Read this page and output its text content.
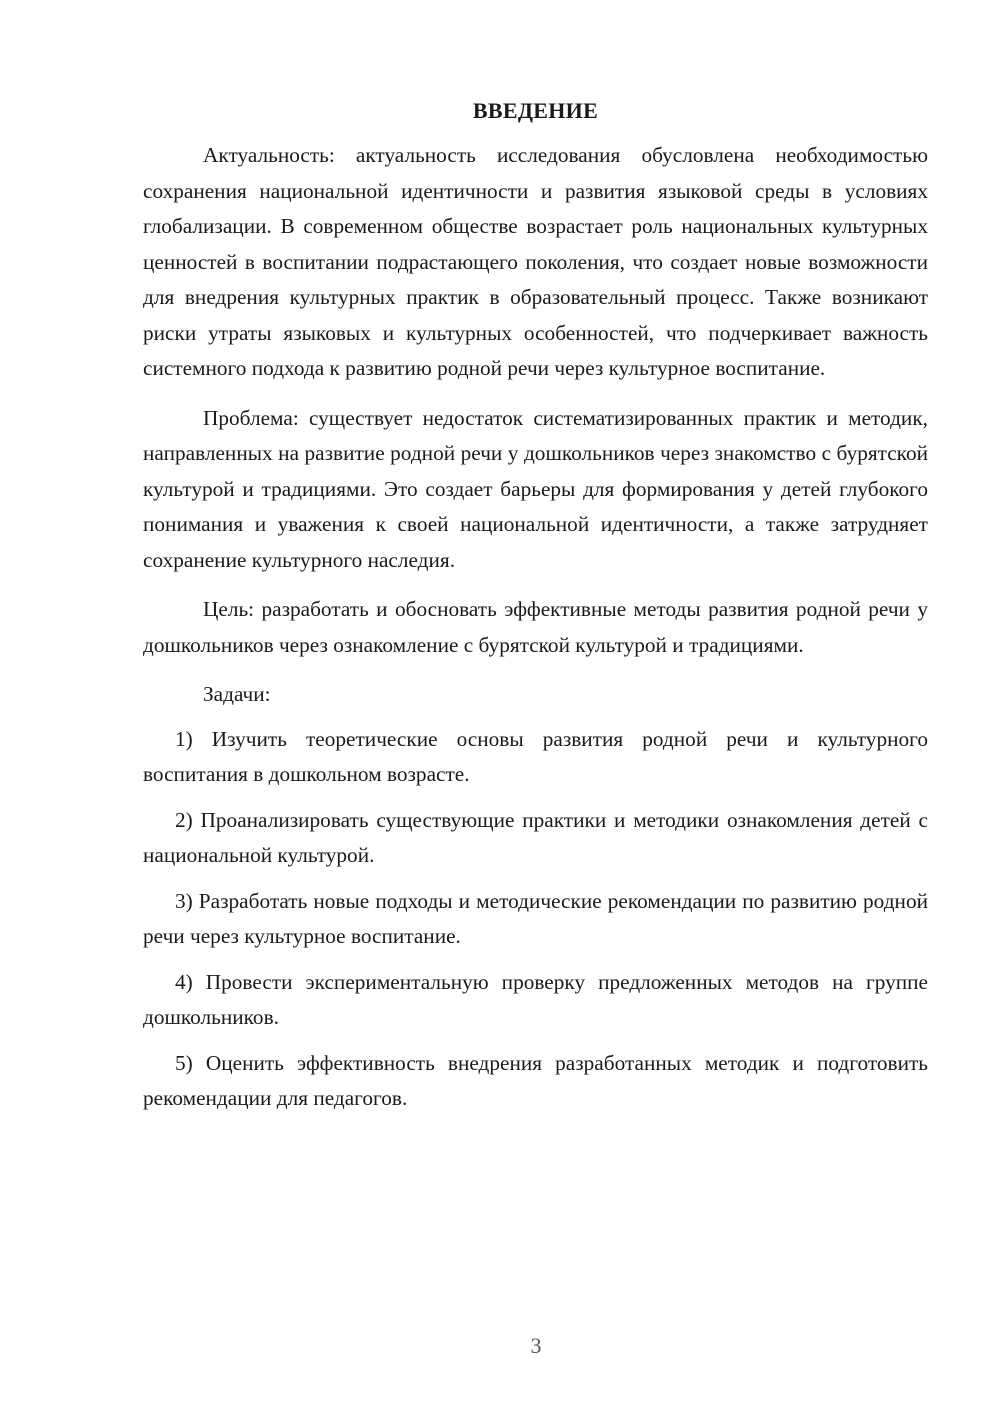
ВВЕДЕНИЕ

Актуальность: актуальность исследования обусловлена необходимостью сохранения национальной идентичности и развития языковой среды в условиях глобализации. В современном обществе возрастает роль национальных культурных ценностей в воспитании подрастающего поколения, что создает новые возможности для внедрения культурных практик в образовательный процесс. Также возникают риски утраты языковых и культурных особенностей, что подчеркивает важность системного подхода к развитию родной речи через культурное воспитание.

Проблема: существует недостаток систематизированных практик и методик, направленных на развитие родной речи у дошкольников через знакомство с бурятской культурой и традициями. Это создает барьеры для формирования у детей глубокого понимания и уважения к своей национальной идентичности, а также затрудняет сохранение культурного наследия.

Цель: разработать и обосновать эффективные методы развития родной речи у дошкольников через ознакомление с бурятской культурой и традициями.

Задачи:

1) Изучить теоретические основы развития родной речи и культурного воспитания в дошкольном возрасте.

2) Проанализировать существующие практики и методики ознакомления детей с национальной культурой.

3) Разработать новые подходы и методические рекомендации по развитию родной речи через культурное воспитание.

4) Провести экспериментальную проверку предложенных методов на группе дошкольников.

5) Оценить эффективность внедрения разработанных методик и подготовить рекомендации для педагогов.

3
